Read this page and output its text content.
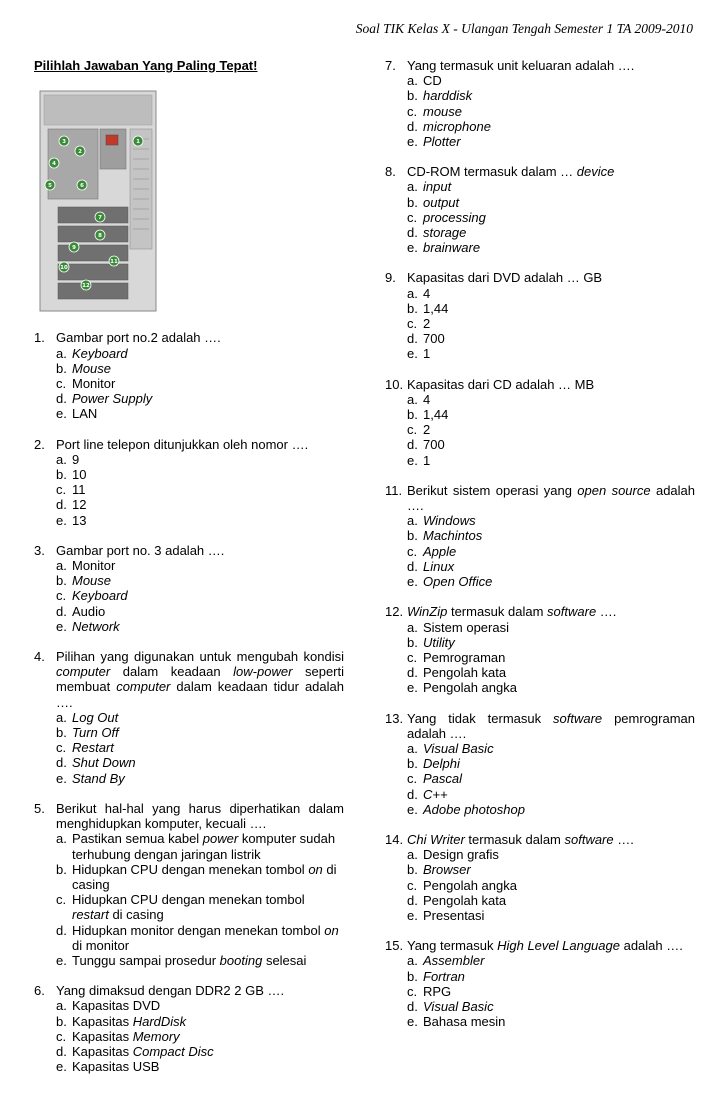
Soal TIK Kelas X - Ulangan Tengah Semester 1 TA 2009-2010
Pilihlah Jawaban Yang Paling Tepat!
1
2
3
4
5	6
7
8
9
10
11
12
1. Gambar port no.2 adalah ….
a. Keyboard
b. Mouse
c. Monitor
d. Power Supply
e. LAN
2. Port line telepon ditunjukkan oleh nomor ….
a. 9
b. 10
c. 11
d. 12
e. 13
3. Gambar port no. 3 adalah ….
a. Monitor
b. Mouse
c. Keyboard
d. Audio
e. Network
4. Pilihan yang digunakan untuk mengubah kondisi computer dalam keadaan low-power seperti membuat computer dalam keadaan tidur adalah ….
a. Log Out
b. Turn Off
c. Restart
d. Shut Down
e. Stand By
5. Berikut hal-hal yang harus diperhatikan dalam menghidupkan komputer, kecuali ….
a. Pastikan semua kabel power komputer sudah terhubung dengan jaringan listrik
b. Hidupkan CPU dengan menekan tombol on di casing
c. Hidupkan CPU dengan menekan tombol restart di casing
d. Hidupkan monitor dengan menekan tombol on di monitor
e. Tunggu sampai prosedur booting selesai
6. Yang dimaksud dengan DDR2 2 GB ….
a. Kapasitas DVD
b. Kapasitas HardDisk
c. Kapasitas Memory
d. Kapasitas Compact Disc
e. Kapasitas USB
7. Yang termasuk unit keluaran adalah ….
a. CD
b. harddisk
c. mouse
d. microphone
e. Plotter
8. CD-ROM termasuk dalam … device
a. input
b. output
c. processing
d. storage
e. brainware
9. Kapasitas dari DVD adalah … GB
a. 4
b. 1,44
c. 2
d. 700
e. 1
10. Kapasitas dari CD adalah … MB
a. 4
b. 1,44
c. 2
d. 700
e. 1
11. Berikut sistem operasi yang open source adalah ….
a. Windows
b. Machintos
c. Apple
d. Linux
e. Open Office
12. WinZip termasuk dalam software ….
a. Sistem operasi
b. Utility
c. Pemrograman
d. Pengolah kata
e. Pengolah angka
13. Yang tidak termasuk software pemrograman adalah ….
a. Visual Basic
b. Delphi
c. Pascal
d. C++
e. Adobe photoshop
14. Chi Writer termasuk dalam software ….
a. Design grafis
b. Browser
c. Pengolah angka
d. Pengolah kata
e. Presentasi
15. Yang termasuk High Level Language adalah ….
a. Assembler
b. Fortran
c. RPG
d. Visual Basic
e. Bahasa mesin
